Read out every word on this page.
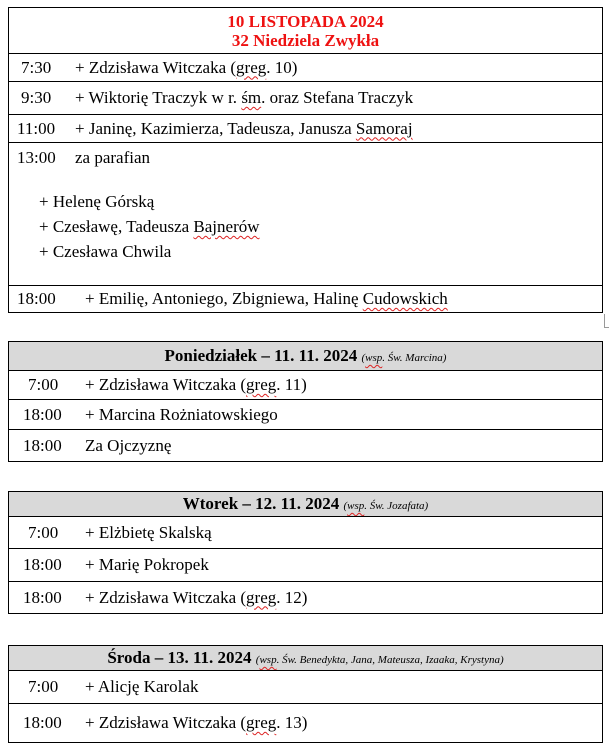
10 LISTOPADA 2024
32 Niedziela Zwykła
7:30 + Zdzisława Witczaka (greg. 10)
9:30 + Wiktorię Traczyk w r. śm. oraz Stefana Traczyk
11:00 + Janinę, Kazimierza, Tadeusza, Janusza Samoraj
13:00 za parafian
+ Helenę Górską
+ Czesławę, Tadeusza Bajnerów
+ Czesława Chwila
18:00 + Emilię, Antoniego, Zbigniewa, Halinę Cudowskich
Poniedziałek – 11. 11. 2024 (wsp. Św. Marcina)
7:00 + Zdzisława Witczaka (greg. 11)
18:00 + Marcina Rożniatowskiego
18:00 Za Ojczyznę
Wtorek – 12. 11. 2024 (wsp. Św. Jozafata)
7:00 + Elżbietę Skalską
18:00 + Marię Pokropek
18:00 + Zdzisława Witczaka (greg. 12)
Środa – 13. 11. 2024 (wsp. Św. Benedykta, Jana, Mateusza, Izaaka, Krystyna)
7:00 + Alicję Karolak
18:00 + Zdzisława Witczaka (greg. 13)
